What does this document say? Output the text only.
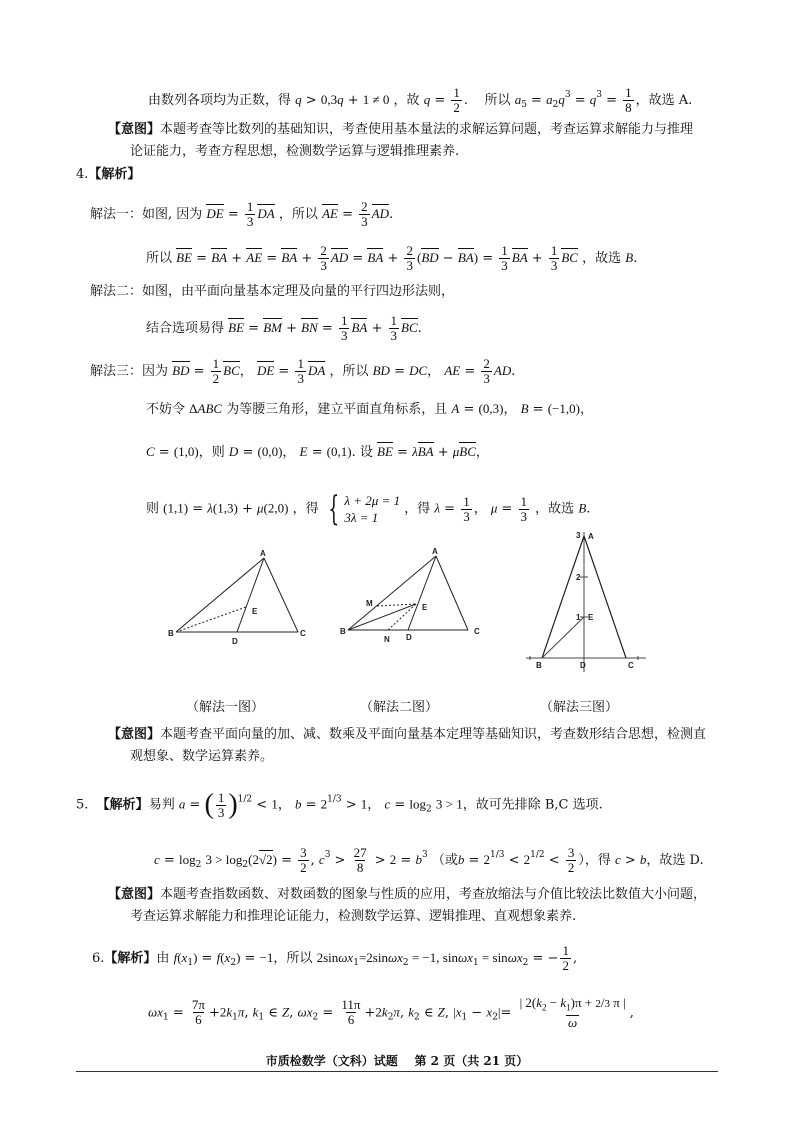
由数列各项均为正数，得 q > 0,3q + 1 ≠ 0 ，故 $q = \frac{1}{2}$ .    所以 $a_5 = a_2q^3 = q^3 = \frac{1}{8}$ ，故选 A.
【意图】本题考查等比数列的基础知识，考查使用基本量法的求解运算问题，考查运算求解能力与推理
论证能力，考查方程思想，检测数学运算与逻辑推理素养.
4.【解析】
解法一：如图, 因为 DE = $\frac{1}{3}$ DA ，所以 AE = $\frac{2}{3}$ AD.
所以 BE = BA + AE = BA + $\frac{2}{3}$ AD = BA + $\frac{2}{3} (BD - BA) = \frac{1}{3}$ BA + $\frac{1}{3}$ BC ，故选 B.
解法二：如图，由平面向量基本定理及向量的平行四边形法则，
结合选项易得 BE = BM + BN = $\frac{1}{3}$ BA + $\frac{1}{3}$ BC.
解法三：因为 BD = $\frac{1}{2}$ BC， DE = $\frac{1}{3}$ DA ，所以 BD = DC， AE = $\frac{2}{3}$ AD.
不妨令 ΔABC 为等腰三角形，建立平面直角标系，且 A = (0,3)， B = (−1,0)，
C = (1,0)，则 D = (0,0)， E = (0,1). 设 BE = λBA + μBC，
则 (1,1) = λ(1,3) + μ(2,0) ，得 { λ + 2μ = 1
3λ = 1
，得 $\lambda = \frac{1}{3}$ ， $\mu = \frac{1}{3}$ ，故选 B.
A
E
B
D
C
A
M	E
B
N D
C
3 A
2
1 E
B	D	C
（解法一图）	（解法二图）	（解法三图）
【意图】本题考查平面向量的加、减、数乘及平面向量基本定理等基础知识，考查数形结合思想，检测直
观想象、数学运算素养。
5. 【解析】易判 a = ( $\frac{1}{3} )^{1/2} < 1$， $b = 2^{1/3} > 1$， $c = \log_2 3 > 1$，故可先排除 B,C 选项.
$c = \log_2 3 > \log_2(2√2) = \frac{3}{2}$ , $c^3 > \frac{27}{8} > 2 = b^3$ （或$b = 2^{1/3} < 2^{1/2} < \frac{3}{2}$ ），得 c > b，故选 D.
【意图】本题考查指数函数、对数函数的图象与性质的应用，考查放缩法与介值比较法比数值大小问题，
考查运算求解能力和推理论证能力，检测数学运算、逻辑推理、直观想象素养.
6.【解析】由 $f(x_1) = f(x_2) = -1$，所以 2sinωx$_1$=2sinωx$_2$ = −1, sinωx$_1$ = sinωx$_2$ = − $\frac{1}{2}$ ,
$\omega x_1 = \frac{7\pi}{6} +2k_1\pi$, $k_1$ ∈ Z, $\omega x_2 = \frac{11\pi}{6} +2k_2\pi$, $k_2$ ∈ Z, $|x_1 - x_2|= \frac{| 2(k_2 - k_1)\pi + 2/3 \pi |}{\omega}$ ,
市质检数学（文科）试题 第 2 页（共 21 页）
